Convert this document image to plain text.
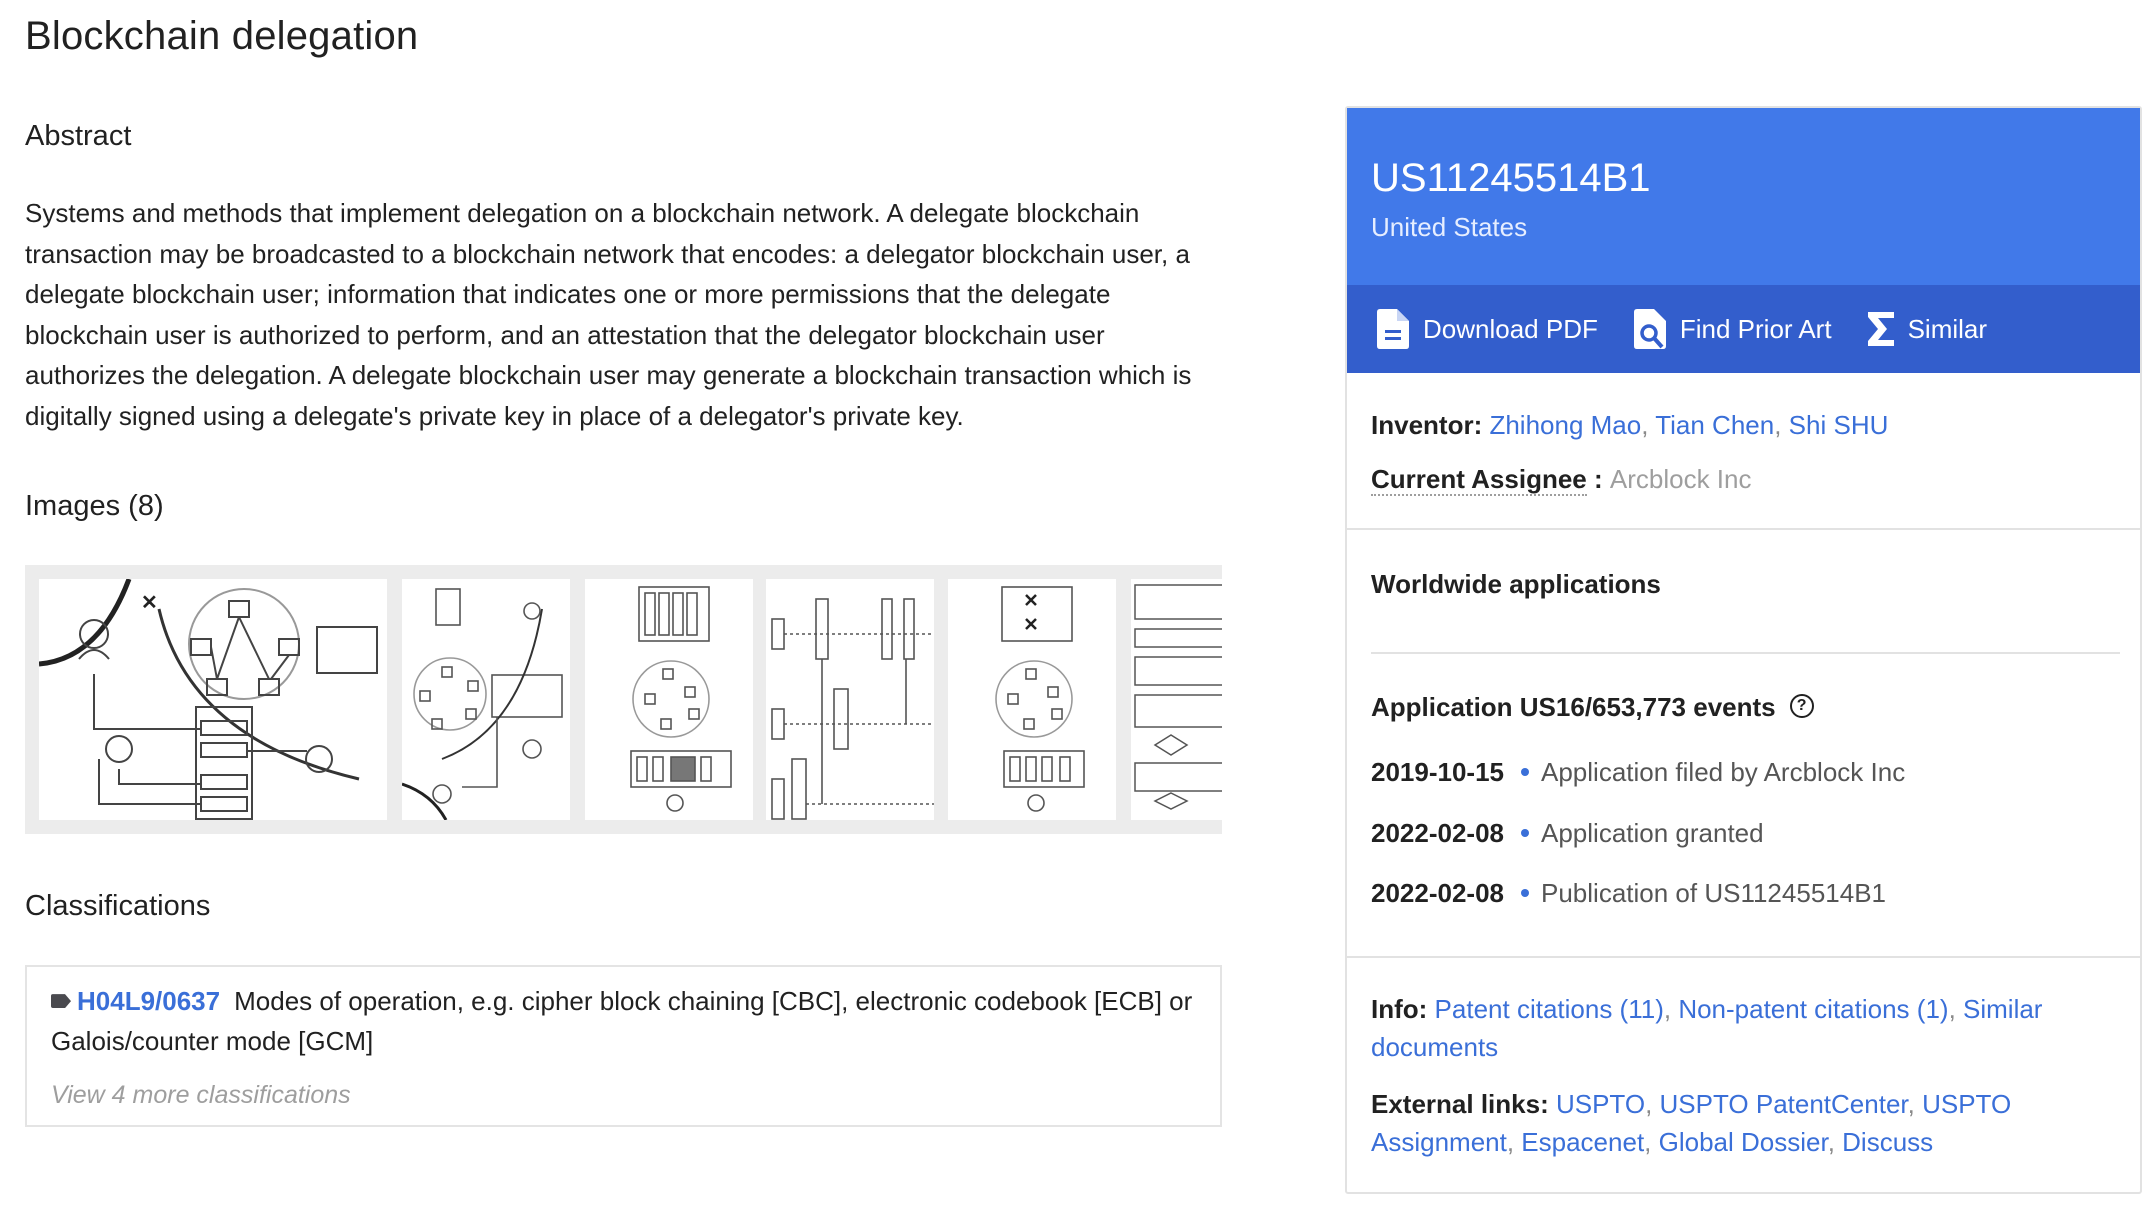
Blockchain delegation
Abstract

Systems and methods that implement delegation on a blockchain network. A delegate blockchain transaction may be broadcasted to a blockchain network that encodes: a delegator blockchain user, a delegate blockchain user; information that indicates one or more permissions that the delegate blockchain user is authorized to perform, and an attestation that the delegator blockchain user authorizes the delegation. A delegate blockchain user may generate a blockchain transaction which is digitally signed using a delegate's private key in place of a delegator's private key.

Images (8)
✕
Classifications
H04L9/0637 Modes of operation, e.g. cipher block chaining [CBC], electronic codebook [ECB] or Galois/counter mode [GCM]
View 4 more classifications
US11245514B1
United States
Download PDF	Find Prior Art	Similar
Inventor: Zhihong Mao, Tian Chen, Shi SHU
Current Assignee : Arcblock Inc
Worldwide applications
Application US16/653,773 events ?
2019-10-15 Application filed by Arcblock Inc
2022-02-08 Application granted
2022-02-08 Publication of US11245514B1
Info: Patent citations (11), Non-patent citations (1), Similar documents
External links: USPTO, USPTO PatentCenter, USPTO Assignment, Espacenet, Global Dossier, Discuss
